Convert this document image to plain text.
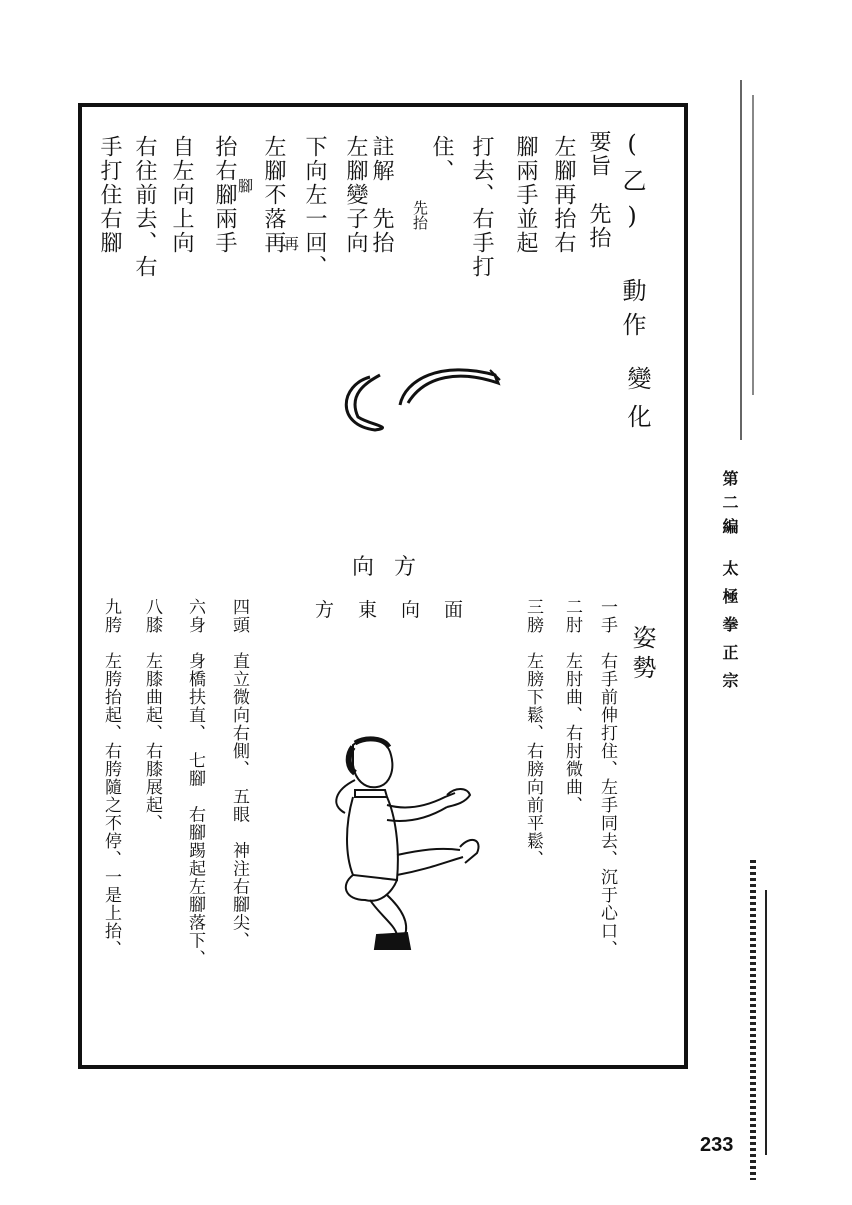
(乙) 動作
要旨　先抬
左腳再抬右
腳兩手並起
打去、右手打
住、
註解　先抬
左腳變子向
下向左一回、
左腳不落再
抬右腳兩手
自左向上向
右往前去、右
手打住右腳	先抬
再
腳
變化
方向
面向東方
姿勢
一手　右手前伸打住、左手同去、沉于心口、
二肘　左肘曲、右肘微曲、
三膀　左膀下鬆、右膀向前平鬆、
四頭　直立微向右側、　五眼　神注右腳尖、
六身　身橋扶直、　七腳　右腳踢起左腳落下、
八膝　左膝曲起、右膝展起、
九胯　左胯抬起、右胯隨之不停、一是上抬、
第二編
太極拳正宗
233
